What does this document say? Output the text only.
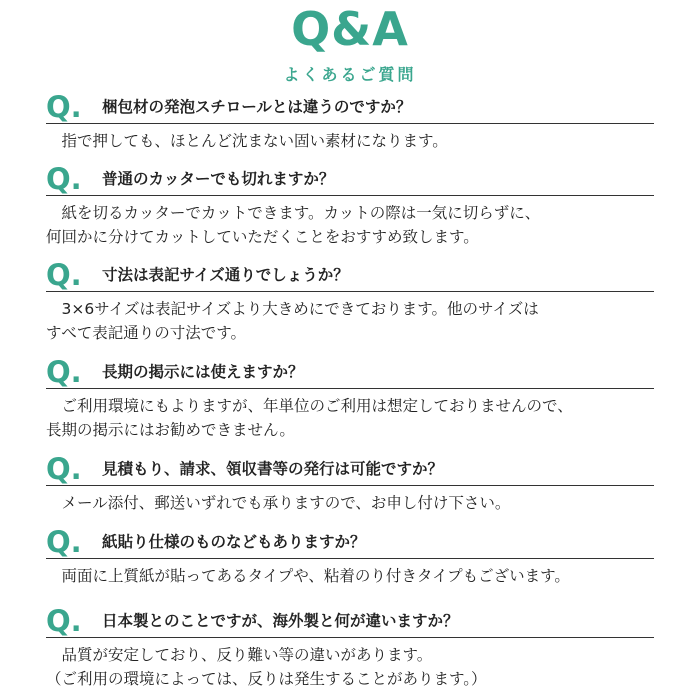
Q&A
よくあるご質問
Q. 梱包材の発泡スチロールとは違うのですか？
　指で押しても、ほとんど沈まない固い素材になります。
Q. 普通のカッターでも切れますか？
　紙を切るカッターでカットできます。カットの際は一気に切らずに、
何回かに分けてカットしていただくことをおすすめ致します。
Q. 寸法は表記サイズ通りでしょうか？
　3×6サイズは表記サイズより大きめにできております。他のサイズは
すべて表記通りの寸法です。
Q. 長期の掲示には使えますか？
　ご利用環境にもよりますが、年単位のご利用は想定しておりませんので、
長期の掲示にはお勧めできません。
Q. 見積もり、請求、領収書等の発行は可能ですか？
　メール添付、郵送いずれでも承りますので、お申し付け下さい。
Q. 紙貼り仕様のものなどもありますか？
　両面に上質紙が貼ってあるタイプや、粘着のり付きタイプもございます。
Q. 日本製とのことですが、海外製と何が違いますか？
　品質が安定しており、反り難い等の違いがあります。
（ご利用の環境によっては、反りは発生することがあります。）
